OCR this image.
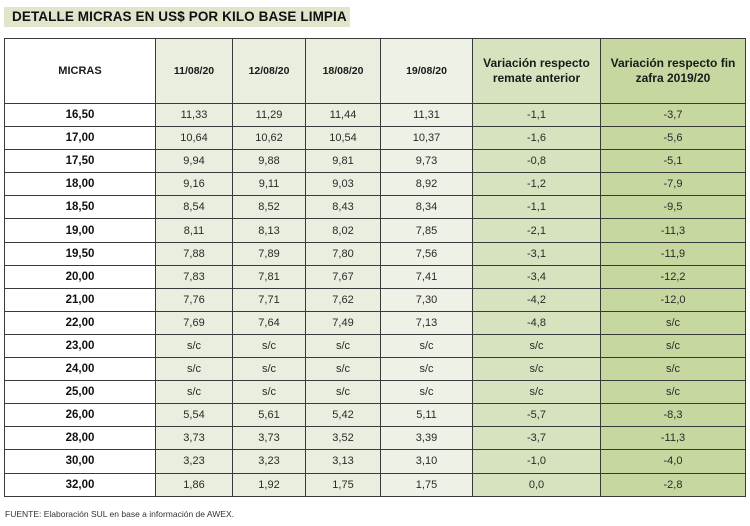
DETALLE MICRAS EN US$ POR KILO BASE LIMPIA
MICRAS	11/08/20	12/08/20	18/08/20	19/08/20	Variación respecto remate anterior	Variación respecto fin zafra 2019/20
16,50	11,33	11,29	11,44	11,31	-1,1	-3,7
17,00	10,64	10,62	10,54	10,37	-1,6	-5,6
17,50	9,94	9,88	9,81	9,73	-0,8	-5,1
18,00	9,16	9,11	9,03	8,92	-1,2	-7,9
18,50	8,54	8,52	8,43	8,34	-1,1	-9,5
19,00	8,11	8,13	8,02	7,85	-2,1	-11,3
19,50	7,88	7,89	7,80	7,56	-3,1	-11,9
20,00	7,83	7,81	7,67	7,41	-3,4	-12,2
21,00	7,76	7,71	7,62	7,30	-4,2	-12,0
22,00	7,69	7,64	7,49	7,13	-4,8	s/c
23,00	s/c	s/c	s/c	s/c	s/c	s/c
24,00	s/c	s/c	s/c	s/c	s/c	s/c
25,00	s/c	s/c	s/c	s/c	s/c	s/c
26,00	5,54	5,61	5,42	5,11	-5,7	-8,3
28,00	3,73	3,73	3,52	3,39	-3,7	-11,3
30,00	3,23	3,23	3,13	3,10	-1,0	-4,0
32,00	1,86	1,92	1,75	1,75	0,0	-2,8
FUENTE: Elaboración SUL en base a información de AWEX.
